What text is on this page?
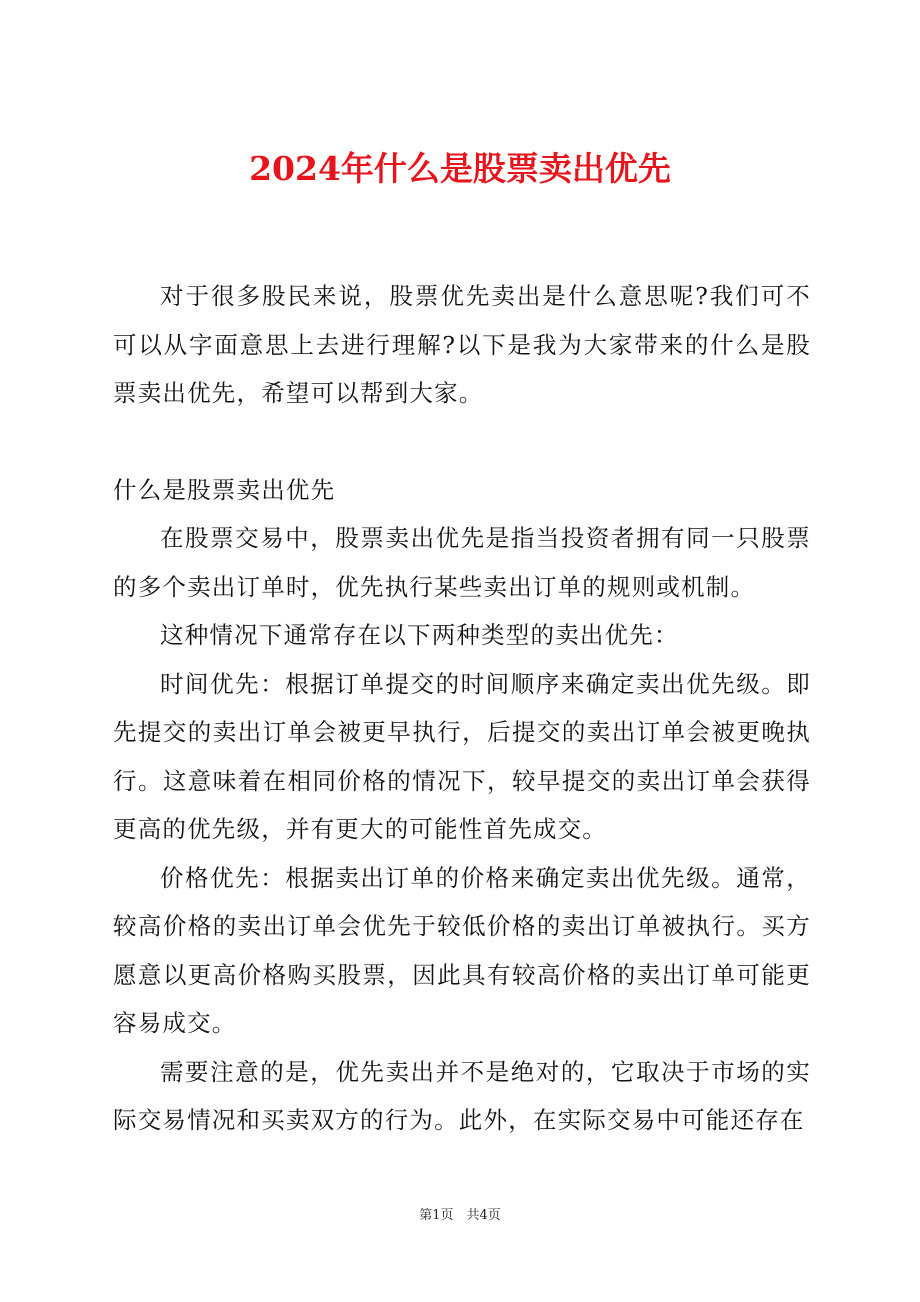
2024年什么是股票卖出优先

对于很多股民来说，股票优先卖出是什么意思呢?我们可不可以从字面意思上去进行理解?以下是我为大家带来的什么是股票卖出优先，希望可以帮到大家。

什么是股票卖出优先

在股票交易中，股票卖出优先是指当投资者拥有同一只股票的多个卖出订单时，优先执行某些卖出订单的规则或机制。

这种情况下通常存在以下两种类型的卖出优先：

时间优先：根据订单提交的时间顺序来确定卖出优先级。即先提交的卖出订单会被更早执行，后提交的卖出订单会被更晚执行。这意味着在相同价格的情况下，较早提交的卖出订单会获得更高的优先级，并有更大的可能性首先成交。

价格优先：根据卖出订单的价格来确定卖出优先级。通常，较高价格的卖出订单会优先于较低价格的卖出订单被执行。买方愿意以更高价格购买股票，因此具有较高价格的卖出订单可能更容易成交。

需要注意的是，优先卖出并不是绝对的，它取决于市场的实际交易情况和买卖双方的行为。此外，在实际交易中可能还存在

第1页　共4页
